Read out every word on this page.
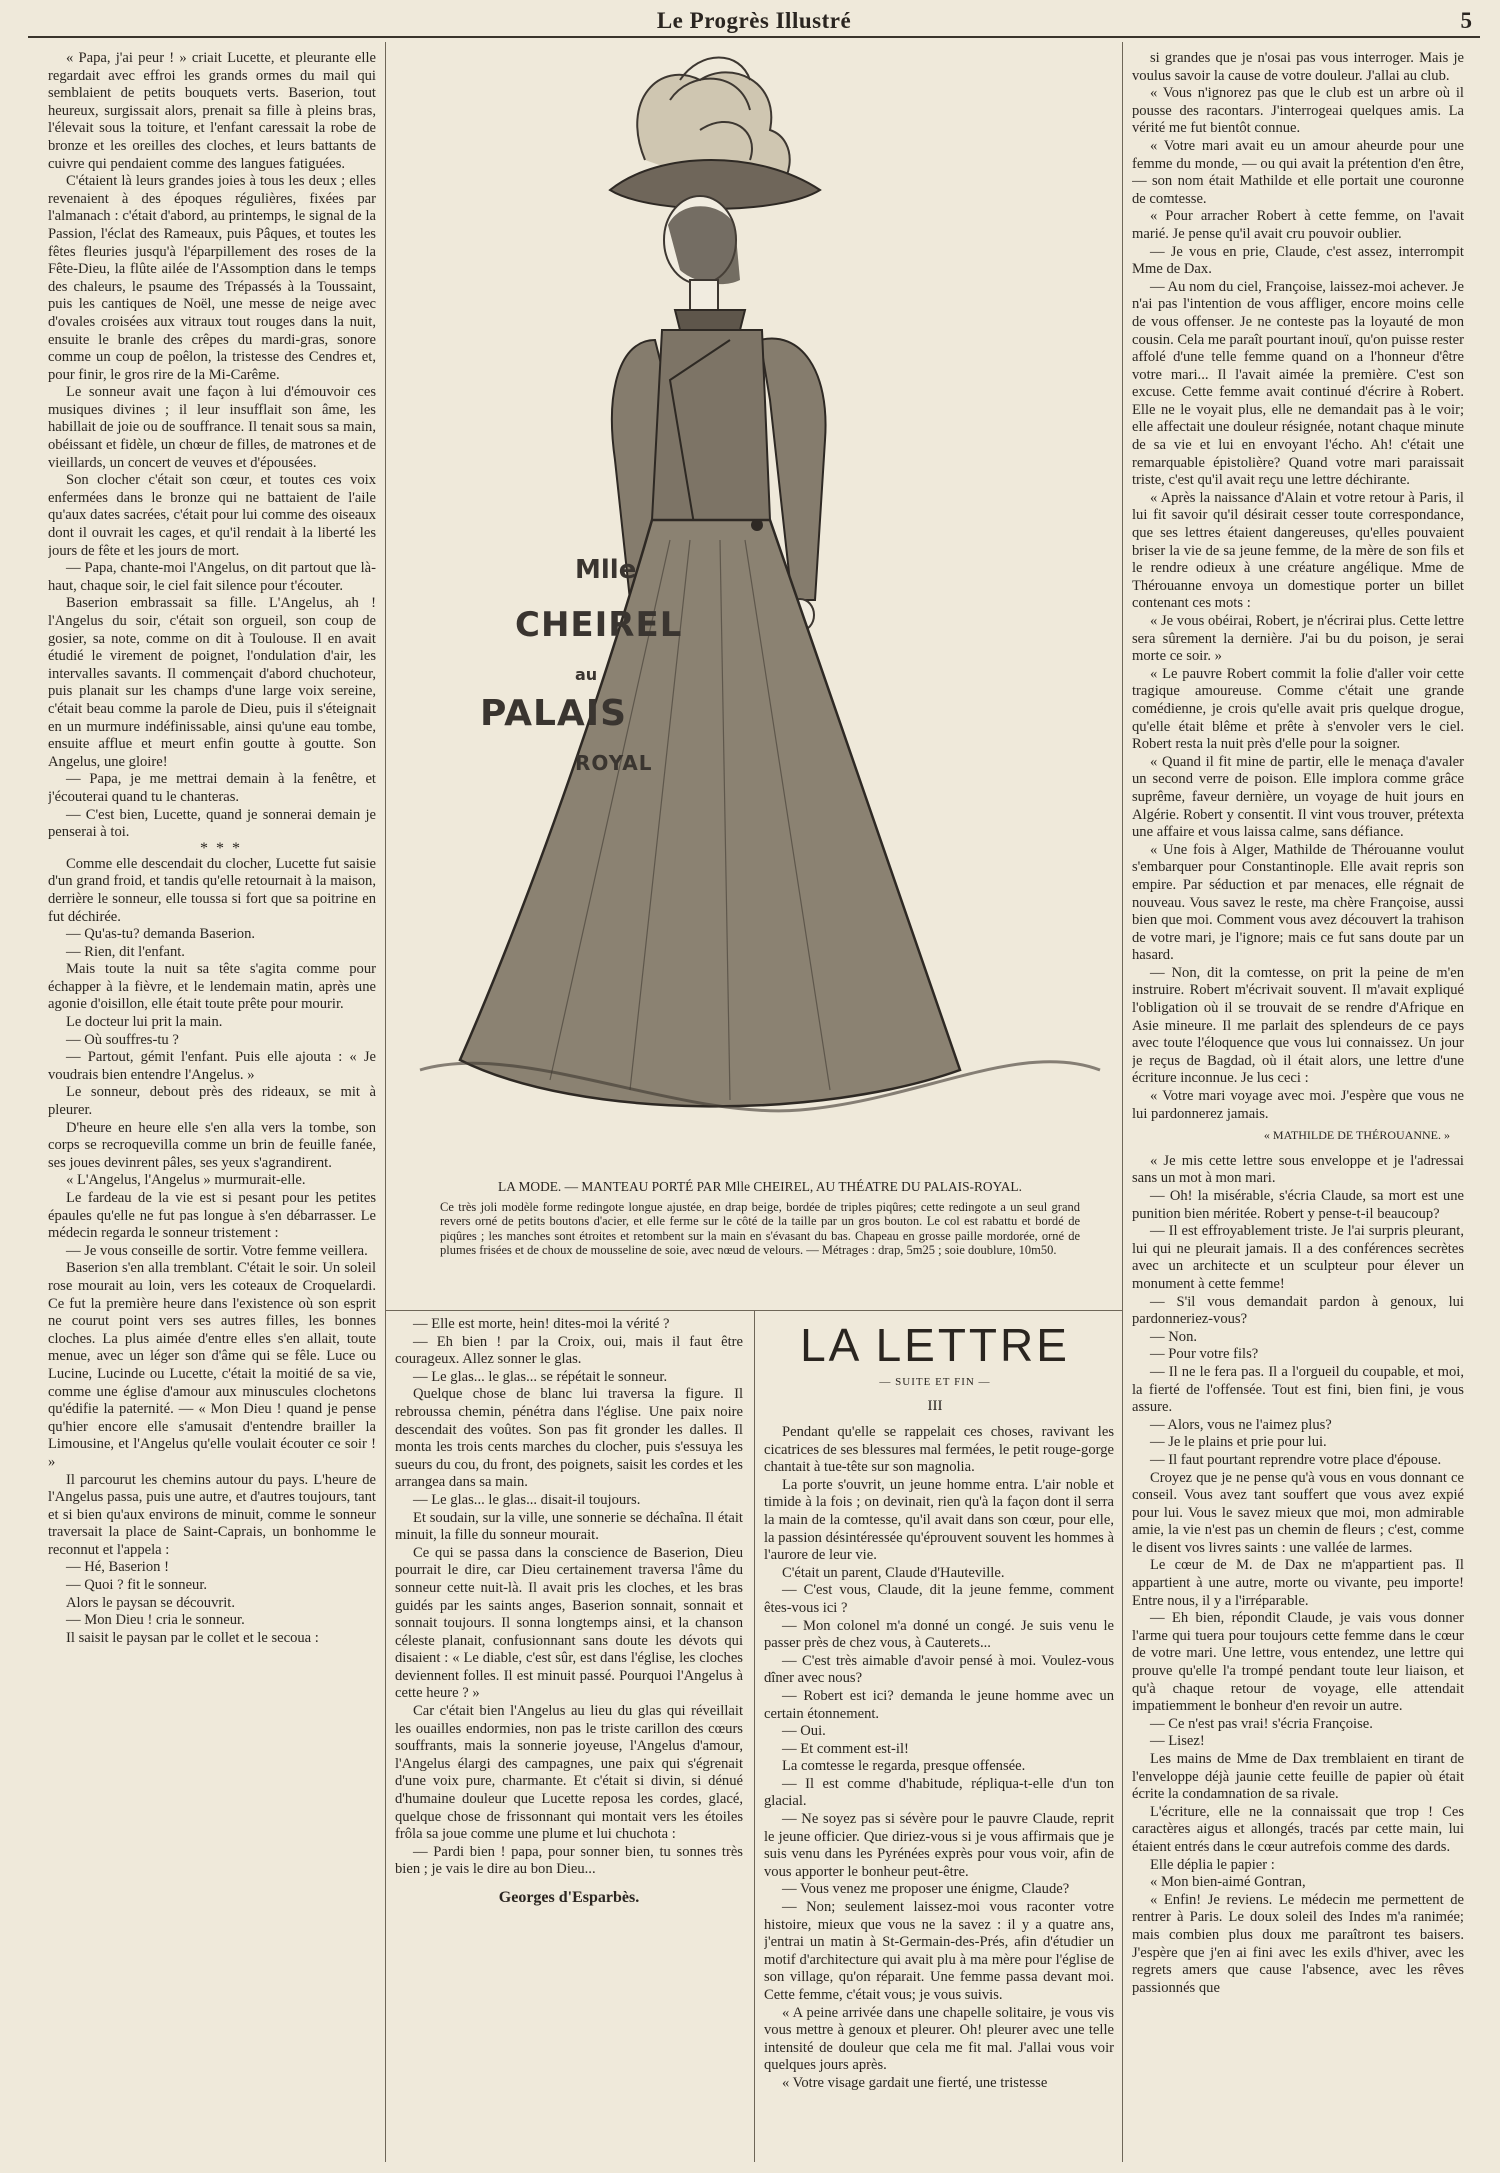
Le Progrès Illustré	5

« Papa, j'ai peur ! » criait Lucette, et pleurante elle regardait avec effroi les grands ormes du mail qui semblaient de petits bouquets verts. Baserion, tout heureux, surgissait alors, prenait sa fille à pleins bras, l'élevait sous la toiture, et l'enfant caressait la robe de bronze et les oreilles des cloches, et leurs battants de cuivre qui pendaient comme des langues fatiguées.

C'étaient là leurs grandes joies à tous les deux ; elles revenaient à des époques régulières, fixées par l'almanach : c'était d'abord, au printemps, le signal de la Passion, l'éclat des Rameaux, puis Pâques, et toutes les fêtes fleuries jusqu'à l'éparpillement des roses de la Fête-Dieu, la flûte ailée de l'Assomption dans le temps des chaleurs, le psaume des Trépassés à la Toussaint, puis les cantiques de Noël, une messe de neige avec d'ovales croisées aux vitraux tout rouges dans la nuit, ensuite le branle des crêpes du mardi-gras, sonore comme un coup de poêlon, la tristesse des Cendres et, pour finir, le gros rire de la Mi-Carême.

Le sonneur avait une façon à lui d'émouvoir ces musiques divines ; il leur insufflait son âme, les habillait de joie ou de souffrance. Il tenait sous sa main, obéissant et fidèle, un chœur de filles, de matrones et de vieillards, un concert de veuves et d'épousées.

Son clocher c'était son cœur, et toutes ces voix enfermées dans le bronze qui ne battaient de l'aile qu'aux dates sacrées, c'était pour lui comme des oiseaux dont il ouvrait les cages, et qu'il rendait à la liberté les jours de fête et les jours de mort.

— Papa, chante-moi l'Angelus, on dit partout que là-haut, chaque soir, le ciel fait silence pour t'écouter.

Baserion embrassait sa fille. L'Angelus, ah ! l'Angelus du soir, c'était son orgueil, son coup de gosier, sa note, comme on dit à Toulouse. Il en avait étudié le virement de poignet, l'ondulation d'air, les intervalles savants. Il commençait d'abord chuchoteur, puis planait sur les champs d'une large voix sereine, c'était beau comme la parole de Dieu, puis il s'éteignait en un murmure indéfinissable, ainsi qu'une eau tombe, ensuite afflue et meurt enfin goutte à goutte. Son Angelus, une gloire!

— Papa, je me mettrai demain à la fenêtre, et j'écouterai quand tu le chanteras.

— C'est bien, Lucette, quand je sonnerai demain je penserai à toi.

* * *

Comme elle descendait du clocher, Lucette fut saisie d'un grand froid, et tandis qu'elle retournait à la maison, derrière le sonneur, elle toussa si fort que sa poitrine en fut déchirée.

— Qu'as-tu? demanda Baserion.

— Rien, dit l'enfant.

Mais toute la nuit sa tête s'agita comme pour échapper à la fièvre, et le lendemain matin, après une agonie d'oisillon, elle était toute prête pour mourir.

Le docteur lui prit la main.

— Où souffres-tu ?

— Partout, gémit l'enfant. Puis elle ajouta : « Je voudrais bien entendre l'Angelus. »

Le sonneur, debout près des rideaux, se mit à pleurer.

D'heure en heure elle s'en alla vers la tombe, son corps se recroquevilla comme un brin de feuille fanée, ses joues devinrent pâles, ses yeux s'agrandirent.

« L'Angelus, l'Angelus » murmurait-elle.

Le fardeau de la vie est si pesant pour les petites épaules qu'elle ne fut pas longue à s'en débarrasser. Le médecin regarda le sonneur tristement :

— Je vous conseille de sortir. Votre femme veillera.

Baserion s'en alla tremblant. C'était le soir. Un soleil rose mourait au loin, vers les coteaux de Croquelardi. Ce fut la première heure dans l'existence où son esprit ne courut point vers ses autres filles, les bonnes cloches. La plus aimée d'entre elles s'en allait, toute menue, avec un léger son d'âme qui se fêle. Luce ou Lucine, Lucinde ou Lucette, c'était la moitié de sa vie, comme une église d'amour aux minuscules clochetons qu'édifie la paternité. — « Mon Dieu ! quand je pense qu'hier encore elle s'amusait d'entendre brailler la Limousine, et l'Angelus qu'elle voulait écouter ce soir ! »

Il parcourut les chemins autour du pays. L'heure de l'Angelus passa, puis une autre, et d'autres toujours, tant et si bien qu'aux environs de minuit, comme le sonneur traversait la place de Saint-Caprais, un bonhomme le reconnut et l'appela :

— Hé, Baserion !

— Quoi ? fit le sonneur.

Alors le paysan se découvrit.

— Mon Dieu ! cria le sonneur.

Il saisit le paysan par le collet et le secoua :

Mlle
CHEIREL
au
PALAIS
ROYAL
LA MODE. — MANTEAU PORTÉ PAR Mlle CHEIREL, AU THÉATRE DU PALAIS-ROYAL.
Ce très joli modèle forme redingote longue ajustée, en drap beige, bordée de triples piqûres; cette redingote a un seul grand revers orné de petits boutons d'acier, et elle ferme sur le côté de la taille par un gros bouton. Le col est rabattu et bordé de piqûres ; les manches sont étroites et retombent sur la main en s'évasant du bas. Chapeau en grosse paille mordorée, orné de plumes frisées et de choux de mousseline de soie, avec nœud de velours. — Métrages : drap, 5m25 ; soie doublure, 10m50.

— Elle est morte, hein! dites-moi la vérité ?

— Eh bien ! par la Croix, oui, mais il faut être courageux. Allez sonner le glas.

— Le glas... le glas... se répétait le sonneur.

Quelque chose de blanc lui traversa la figure. Il rebroussa chemin, pénétra dans l'église. Une paix noire descendait des voûtes. Son pas fit gronder les dalles. Il monta les trois cents marches du clocher, puis s'essuya les sueurs du cou, du front, des poignets, saisit les cordes et les arrangea dans sa main.

— Le glas... le glas... disait-il toujours.

Et soudain, sur la ville, une sonnerie se déchaîna. Il était minuit, la fille du sonneur mourait.

Ce qui se passa dans la conscience de Baserion, Dieu pourrait le dire, car Dieu certainement traversa l'âme du sonneur cette nuit-là. Il avait pris les cloches, et les bras guidés par les saints anges, Baserion sonnait, sonnait et sonnait toujours. Il sonna longtemps ainsi, et la chanson céleste planait, confusionnant sans doute les dévots qui disaient : « Le diable, c'est sûr, est dans l'église, les cloches deviennent folles. Il est minuit passé. Pourquoi l'Angelus à cette heure ? »

Car c'était bien l'Angelus au lieu du glas qui réveillait les ouailles endormies, non pas le triste carillon des cœurs souffrants, mais la sonnerie joyeuse, l'Angelus d'amour, l'Angelus élargi des campagnes, une paix qui s'égrenait d'une voix pure, charmante. Et c'était si divin, si dénué d'humaine douleur que Lucette reposa les cordes, glacé, quelque chose de frissonnant qui montait vers les étoiles frôla sa joue comme une plume et lui chuchota :

— Pardi bien ! papa, pour sonner bien, tu sonnes très bien ; je vais le dire au bon Dieu...

Georges d'Esparbès.

LA LETTRE
— SUITE ET FIN —
III

Pendant qu'elle se rappelait ces choses, ravivant les cicatrices de ses blessures mal fermées, le petit rouge-gorge chantait à tue-tête sur son magnolia.

La porte s'ouvrit, un jeune homme entra. L'air noble et timide à la fois ; on devinait, rien qu'à la façon dont il serra la main de la comtesse, qu'il avait dans son cœur, pour elle, la passion désintéressée qu'éprouvent souvent les hommes à l'aurore de leur vie.

C'était un parent, Claude d'Hauteville.

— C'est vous, Claude, dit la jeune femme, comment êtes-vous ici ?

— Mon colonel m'a donné un congé. Je suis venu le passer près de chez vous, à Cauterets...

— C'est très aimable d'avoir pensé à moi. Voulez-vous dîner avec nous?

— Robert est ici? demanda le jeune homme avec un certain étonnement.

— Oui.

— Et comment est-il!

La comtesse le regarda, presque offensée.

— Il est comme d'habitude, répliqua-t-elle d'un ton glacial.

— Ne soyez pas si sévère pour le pauvre Claude, reprit le jeune officier. Que diriez-vous si je vous affirmais que je suis venu dans les Pyrénées exprès pour vous voir, afin de vous apporter le bonheur peut-être.

— Vous venez me proposer une énigme, Claude?

— Non; seulement laissez-moi vous raconter votre histoire, mieux que vous ne la savez : il y a quatre ans, j'entrai un matin à St-Germain-des-Prés, afin d'étudier un motif d'architecture qui avait plu à ma mère pour l'église de son village, qu'on réparait. Une femme passa devant moi. Cette femme, c'était vous; je vous suivis.

« A peine arrivée dans une chapelle solitaire, je vous vis vous mettre à genoux et pleurer. Oh! pleurer avec une telle intensité de douleur que cela me fit mal. J'allai vous voir quelques jours après.

« Votre visage gardait une fierté, une tristesse

si grandes que je n'osai pas vous interroger. Mais je voulus savoir la cause de votre douleur. J'allai au club.

« Vous n'ignorez pas que le club est un arbre où il pousse des racontars. J'interrogeai quelques amis. La vérité me fut bientôt connue.

« Votre mari avait eu un amour aheurde pour une femme du monde, — ou qui avait la prétention d'en être, — son nom était Mathilde et elle portait une couronne de comtesse.

« Pour arracher Robert à cette femme, on l'avait marié. Je pense qu'il avait cru pouvoir oublier.

— Je vous en prie, Claude, c'est assez, interrompit Mme de Dax.

— Au nom du ciel, Françoise, laissez-moi achever. Je n'ai pas l'intention de vous affliger, encore moins celle de vous offenser. Je ne conteste pas la loyauté de mon cousin. Cela me paraît pourtant inouï, qu'on puisse rester affolé d'une telle femme quand on a l'honneur d'être votre mari... Il l'avait aimée la première. C'est son excuse. Cette femme avait continué d'écrire à Robert. Elle ne le voyait plus, elle ne demandait pas à le voir; elle affectait une douleur résignée, notant chaque minute de sa vie et lui en envoyant l'écho. Ah! c'était une remarquable épistolière? Quand votre mari paraissait triste, c'est qu'il avait reçu une lettre déchirante.

« Après la naissance d'Alain et votre retour à Paris, il lui fit savoir qu'il désirait cesser toute correspondance, que ses lettres étaient dangereuses, qu'elles pouvaient briser la vie de sa jeune femme, de la mère de son fils et le rendre odieux à une créature angélique. Mme de Thérouanne envoya un domestique porter un billet contenant ces mots :

« Je vous obéirai, Robert, je n'écrirai plus. Cette lettre sera sûrement la dernière. J'ai bu du poison, je serai morte ce soir. »

« Le pauvre Robert commit la folie d'aller voir cette tragique amoureuse. Comme c'était une grande comédienne, je crois qu'elle avait pris quelque drogue, qu'elle était blême et prête à s'envoler vers le ciel. Robert resta la nuit près d'elle pour la soigner.

« Quand il fit mine de partir, elle le menaça d'avaler un second verre de poison. Elle implora comme grâce suprême, faveur dernière, un voyage de huit jours en Algérie. Robert y consentit. Il vint vous trouver, prétexta une affaire et vous laissa calme, sans défiance.

« Une fois à Alger, Mathilde de Thérouanne voulut s'embarquer pour Constantinople. Elle avait repris son empire. Par séduction et par menaces, elle régnait de nouveau. Vous savez le reste, ma chère Françoise, aussi bien que moi. Comment vous avez découvert la trahison de votre mari, je l'ignore; mais ce fut sans doute par un hasard.

— Non, dit la comtesse, on prit la peine de m'en instruire. Robert m'écrivait souvent. Il m'avait expliqué l'obligation où il se trouvait de se rendre d'Afrique en Asie mineure. Il me parlait des splendeurs de ce pays avec toute l'éloquence que vous lui connaissez. Un jour je reçus de Bagdad, où il était alors, une lettre d'une écriture inconnue. Je lus ceci :

« Votre mari voyage avec moi. J'espère que vous ne lui pardonnerez jamais.

« MATHILDE DE THÉROUANNE. »

« Je mis cette lettre sous enveloppe et je l'adressai sans un mot à mon mari.

— Oh! la misérable, s'écria Claude, sa mort est une punition bien méritée. Robert y pense-t-il beaucoup?

— Il est effroyablement triste. Je l'ai surpris pleurant, lui qui ne pleurait jamais. Il a des conférences secrètes avec un architecte et un sculpteur pour élever un monument à cette femme!

— S'il vous demandait pardon à genoux, lui pardonneriez-vous?

— Non.

— Pour votre fils?

— Il ne le fera pas. Il a l'orgueil du coupable, et moi, la fierté de l'offensée. Tout est fini, bien fini, je vous assure.

— Alors, vous ne l'aimez plus?

— Je le plains et prie pour lui.

— Il faut pourtant reprendre votre place d'épouse.

Croyez que je ne pense qu'à vous en vous donnant ce conseil. Vous avez tant souffert que vous avez expié pour lui. Vous le savez mieux que moi, mon admirable amie, la vie n'est pas un chemin de fleurs ; c'est, comme le disent vos livres saints : une vallée de larmes.

Le cœur de M. de Dax ne m'appartient pas. Il appartient à une autre, morte ou vivante, peu importe! Entre nous, il y a l'irréparable.

— Eh bien, répondit Claude, je vais vous donner l'arme qui tuera pour toujours cette femme dans le cœur de votre mari. Une lettre, vous entendez, une lettre qui prouve qu'elle l'a trompé pendant toute leur liaison, et qu'à chaque retour de voyage, elle attendait impatiemment le bonheur d'en revoir un autre.

— Ce n'est pas vrai! s'écria Françoise.

— Lisez!

Les mains de Mme de Dax tremblaient en tirant de l'enveloppe déjà jaunie cette feuille de papier où était écrite la condamnation de sa rivale.

L'écriture, elle ne la connaissait que trop ! Ces caractères aigus et allongés, tracés par cette main, lui étaient entrés dans le cœur autrefois comme des dards.

Elle déplia le papier :

« Mon bien-aimé Gontran,

« Enfin! Je reviens. Le médecin me permettent de rentrer à Paris. Le doux soleil des Indes m'a ranimée; mais combien plus doux me paraîtront tes baisers. J'espère que j'en ai fini avec les exils d'hiver, avec les regrets amers que cause l'absence, avec les rêves passionnés que
